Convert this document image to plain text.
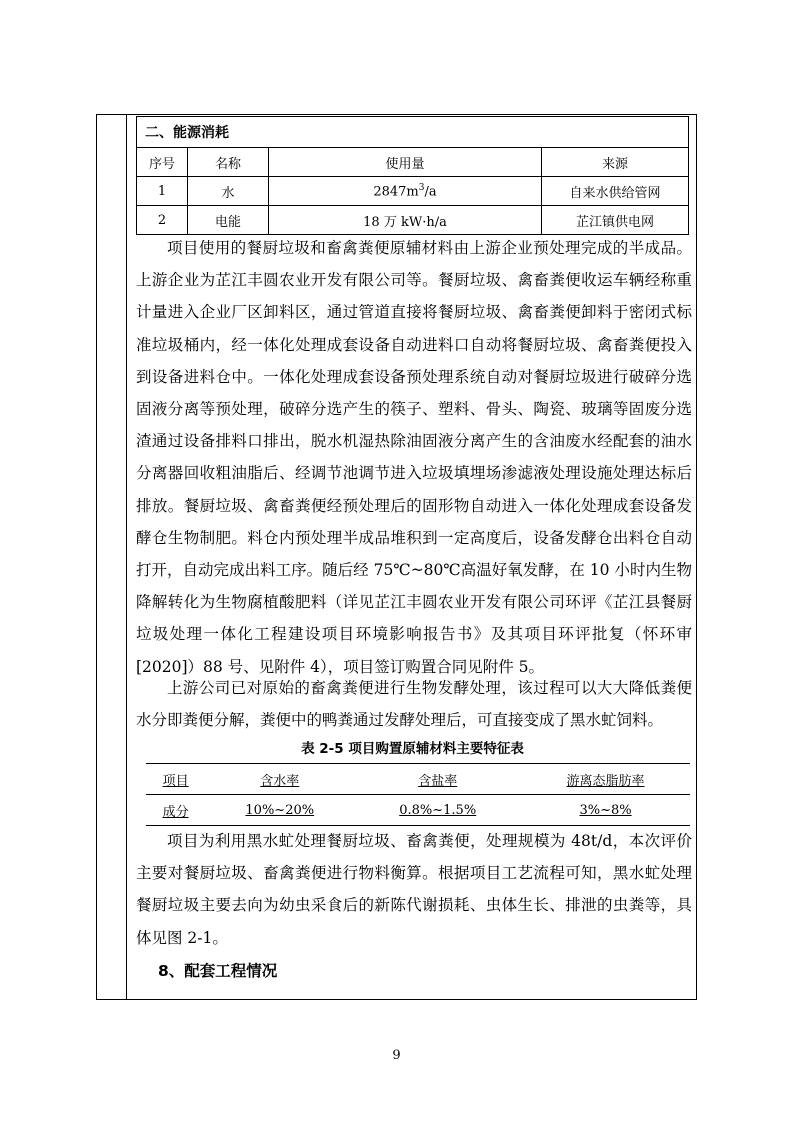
二、能源消耗			
序号	名称	使用量	来源
1	水	$2847m^3/a$	自来水供给管网
2	电能	18 万 kW·h/a	芷江镇供电网

项目使用的餐厨垃圾和畜禽粪便原辅材料由上游企业预处理完成的半成品。上游企业为芷江丰圆农业开发有限公司等。餐厨垃圾、禽畜粪便收运车辆经称重计量进入企业厂区卸料区，通过管道直接将餐厨垃圾、禽畜粪便卸料于密闭式标准垃圾桶内，经一体化处理成套设备自动进料口自动将餐厨垃圾、禽畜粪便投入到设备进料仓中。一体化处理成套设备预处理系统自动对餐厨垃圾进行破碎分选固液分离等预处理，破碎分选产生的筷子、塑料、骨头、陶瓷、玻璃等固废分选渣通过设备排料口排出，脱水机湿热除油固液分离产生的含油废水经配套的油水分离器回收粗油脂后、经调节池调节进入垃圾填埋场渗滤液处理设施处理达标后排放。餐厨垃圾、禽畜粪便经预处理后的固形物自动进入一体化处理成套设备发酵仓生物制肥。料仓内预处理半成品堆积到一定高度后，设备发酵仓出料仓自动打开，自动完成出料工序。随后经 75℃~80℃高温好氧发酵，在 10 小时内生物降解转化为生物腐植酸肥料（详见芷江丰圆农业开发有限公司环评《芷江县餐厨垃圾处理一体化工程建设项目环境影响报告书》及其项目环评批复（怀环审[2020]）88 号、见附件 4），项目签订购置合同见附件 5。

上游公司已对原始的畜禽粪便进行生物发酵处理，该过程可以大大降低粪便水分即粪便分解，粪便中的鸭粪通过发酵处理后，可直接变成了黑水虻饲料。

表 2-5 项目购置原辅材料主要特征表
项目	含水率	含盐率	游离态脂肪率
成分	10%~20%	0.8%~1.5%	3%~8%

项目为利用黑水虻处理餐厨垃圾、畜禽粪便，处理规模为 48t/d，本次评价主要对餐厨垃圾、畜禽粪便进行物料衡算。根据项目工艺流程可知，黑水虻处理餐厨垃圾主要去向为幼虫采食后的新陈代谢损耗、虫体生长、排泄的虫粪等，具体见图 2-1。

8、配套工程情况
9
